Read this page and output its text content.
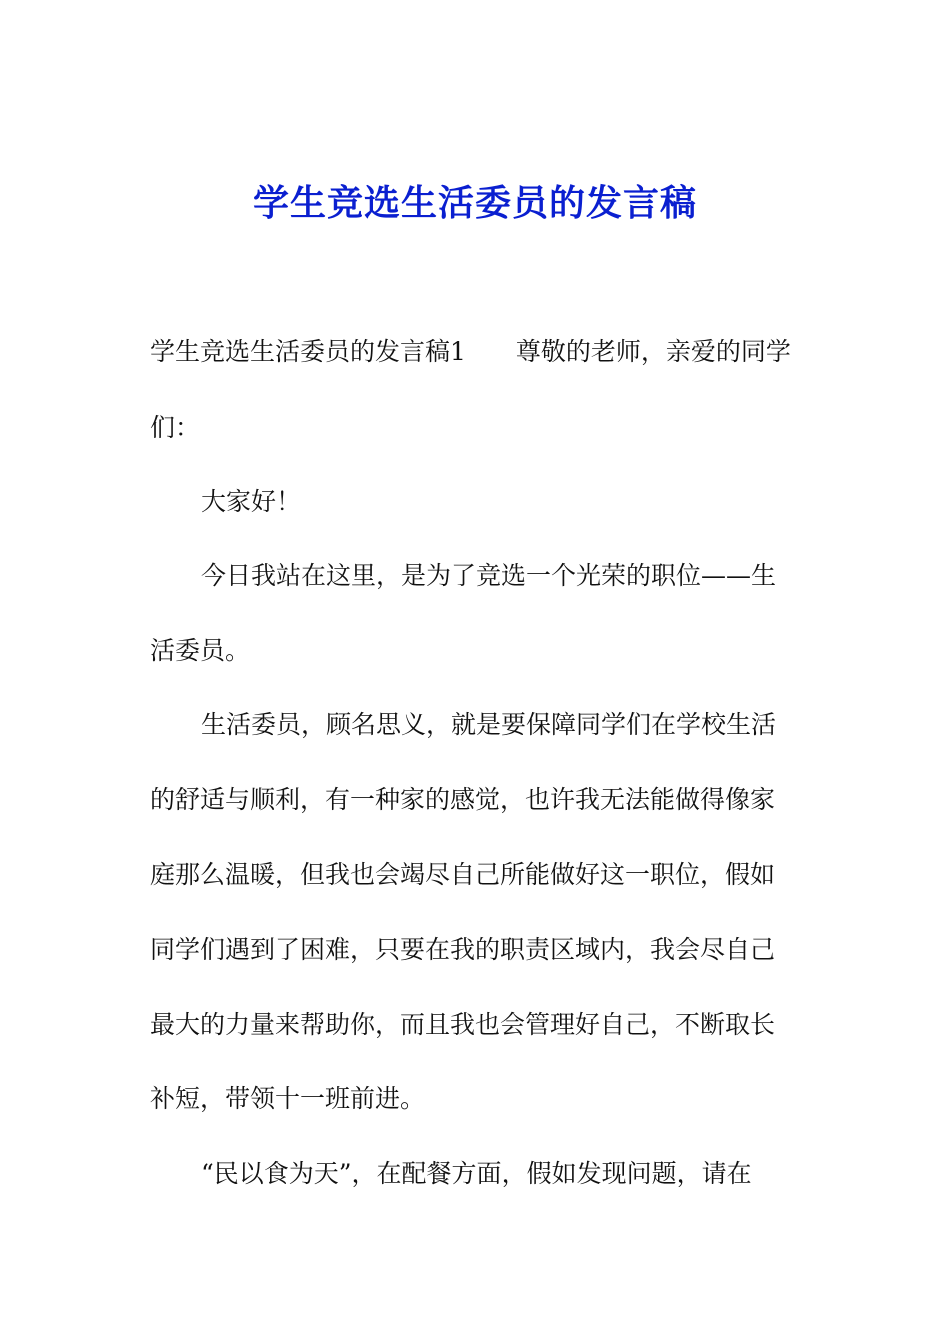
学生竞选生活委员的发言稿
学生竞选生活委员的发言稿1　　尊敬的老师，亲爱的同学
们：
大家好！
今日我站在这里，是为了竞选一个光荣的职位——生
活委员。
生活委员，顾名思义，就是要保障同学们在学校生活
的舒适与顺利，有一种家的感觉，也许我无法能做得像家
庭那么温暖，但我也会竭尽自己所能做好这一职位，假如
同学们遇到了困难，只要在我的职责区域内，我会尽自己
最大的力量来帮助你，而且我也会管理好自己，不断取长
补短，带领十一班前进。
“民以食为天”，在配餐方面，假如发现问题，请在
